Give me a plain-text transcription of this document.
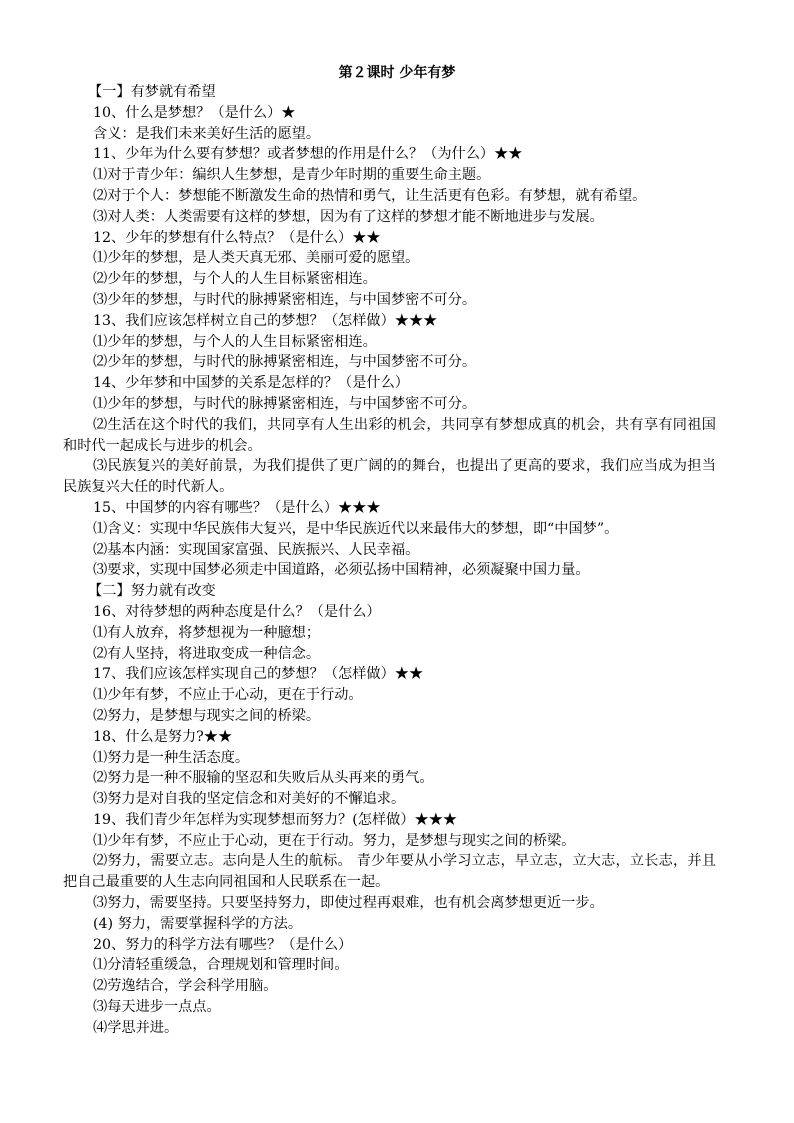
第２课时 少年有梦
【一】有梦就有希望
10、什么是梦想？（是什么）★
含义：是我们未来美好生活的愿望。
11、少年为什么要有梦想？或者梦想的作用是什么？（为什么）★★
⑴对于青少年：编织人生梦想，是青少年时期的重要生命主题。
⑵对于个人：梦想能不断激发生命的热情和勇气，让生活更有色彩。有梦想，就有希望。
⑶对人类：人类需要有这样的梦想，因为有了这样的梦想才能不断地进步与发展。
12、少年的梦想有什么特点？（是什么）★★
⑴少年的梦想，是人类天真无邪、美丽可爱的愿望。
⑵少年的梦想，与个人的人生目标紧密相连。
⑶少年的梦想，与时代的脉搏紧密相连，与中国梦密不可分。
13、我们应该怎样树立自己的梦想？（怎样做）★★★
⑴少年的梦想，与个人的人生目标紧密相连。
⑵少年的梦想，与时代的脉搏紧密相连，与中国梦密不可分。
14、少年梦和中国梦的关系是怎样的？（是什么）
⑴少年的梦想，与时代的脉搏紧密相连，与中国梦密不可分。
⑵生活在这个时代的我们，共同享有人生出彩的机会，共同享有梦想成真的机会，共有享有同祖国和时代一起成长与进步的机会。
⑶民族复兴的美好前景，为我们提供了更广阔的的舞台，也提出了更高的要求，我们应当成为担当民族复兴大任的时代新人。
15、中国梦的内容有哪些？（是什么）★★★
⑴含义：实现中华民族伟大复兴，是中华民族近代以来最伟大的梦想，即“中国梦”。
⑵基本内涵：实现国家富强、民族振兴、人民幸福。
⑶要求，实现中国梦必须走中国道路，必须弘扬中国精神，必须凝聚中国力量。
【二】努力就有改变
16、对待梦想的两种态度是什么？（是什么）
⑴有人放弃，将梦想视为一种臆想；
⑵有人坚持，将进取变成一种信念。
17、我们应该怎样实现自己的梦想？（怎样做）★★
⑴少年有梦，不应止于心动，更在于行动。
⑵努力，是梦想与现实之间的桥梁。
18、什么是努力?★★
⑴努力是一种生活态度。
⑵努力是一种不服输的坚忍和失败后从头再来的勇气。
⑶努力是对自我的坚定信念和对美好的不懈追求。
19、我们青少年怎样为实现梦想而努力？(怎样做）★★★
⑴少年有梦，不应止于心动，更在于行动。努力，是梦想与现实之间的桥梁。
⑵努力，需要立志。志向是人生的航标。 青少年要从小学习立志，早立志，立大志，立长志，并且把自己最重要的人生志向同祖国和人民联系在一起。
⑶努力，需要坚持。只要坚持努力，即使过程再艰难，也有机会离梦想更近一步。
(4) 努力，需要掌握科学的方法。
20、努力的科学方法有哪些？（是什么）
⑴分清轻重缓急，合理规划和管理时间。
⑵劳逸结合，学会科学用脑。
⑶每天进步一点点。
⑷学思并进。
